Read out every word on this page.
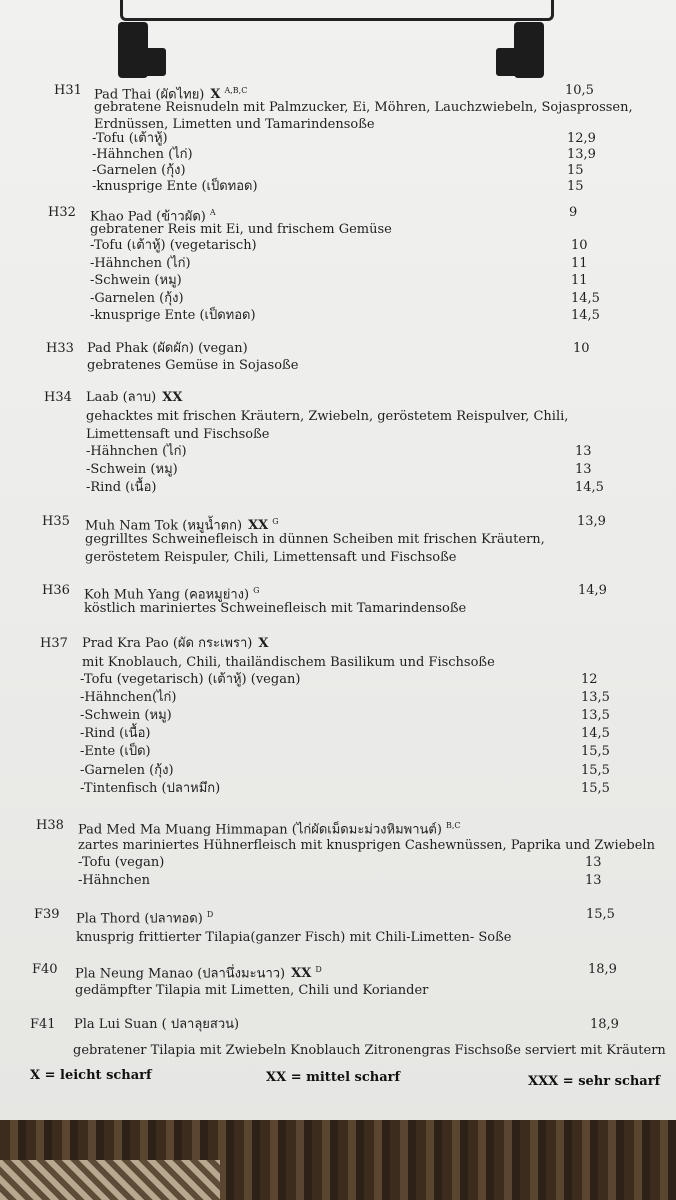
H31 Pad Thai (ผัดไทย) X $^{A,B,C}$	10,5
gebratene Reisnudeln mit Palmzucker, Ei, Möhren, Lauchzwiebeln, Sojasprossen,
Erdnüssen, Limetten und Tamarindensoße
-Tofu (เต้าหู้)	12,9
-Hähnchen (ไก่)	13,9
-Garnelen (กุ้ง)	15
-knusprige Ente (เป็ดทอด)	15
H32 Khao Pad (ข้าวผัด) $^A$	9
gebratener Reis mit Ei, und frischem Gemüse
-Tofu (เต้าหู้) (vegetarisch)	10
-Hähnchen (ไก่)	11
-Schwein (หมู)	11
-Garnelen (กุ้ง)	14,5
-knusprige Ente (เป็ดทอด)	14,5
H33 Pad Phak (ผัดผัก) (vegan)	10
gebratenes Gemüse in Sojasoße
H34 Laab (ลาบ) XX
gehacktes mit frischen Kräutern, Zwiebeln, geröstetem Reispulver, Chili,
Limettensaft und Fischsoße
-Hähnchen (ไก่)	13
-Schwein (หมู)	13
-Rind (เนื้อ)	14,5
H35 Muh Nam Tok (หมูน้ำตก) XX $^G$	13,9
gegrilltes Schweinefleisch in dünnen Scheiben mit frischen Kräutern,
geröstetem Reispuler, Chili, Limettensaft und Fischsoße
H36 Koh Muh Yang (คอหมูย่าง) $^G$	14,9
köstlich mariniertes Schweinefleisch mit Tamarindensoße
H37 Prad Kra Pao (ผัด กระเพรา) X
mit Knoblauch, Chili, thailändischem Basilikum und Fischsoße
-Tofu (vegetarisch) (เต้าหู้) (vegan)	12
-Hähnchen(ไก่)	13,5
-Schwein (หมู)	13,5
-Rind (เนื้อ)	14,5
-Ente (เป็ด)	15,5
-Garnelen (กุ้ง)	15,5
-Tintenfisch (ปลาหมึก)	15,5
H38 Pad Med Ma Muang Himmapan (ไก่ผัดเม็ดมะม่วงหิมพานต์) $^{B,C}$
zartes mariniertes Hühnerfleisch mit knusprigen Cashewnüssen, Paprika und Zwiebeln
-Tofu (vegan)	13
-Hähnchen	13
F39 Pla Thord (ปลาทอด) $^D$	15,5
knusprig frittierter Tilapia(ganzer Fisch) mit Chili-Limetten- Soße
F40 Pla Neung Manao (ปลานึ่งมะนาว) XX $^D$	18,9
gedämpfter Tilapia mit Limetten, Chili und Koriander
F41 Pla Lui Suan ( ปลาลุยสวน)	18,9
gebratener Tilapia mit Zwiebeln Knoblauch Zitronengras Fischsoße serviert mit Kräutern
X = leicht scharf	XX = mittel scharf	XXX = sehr scharf
